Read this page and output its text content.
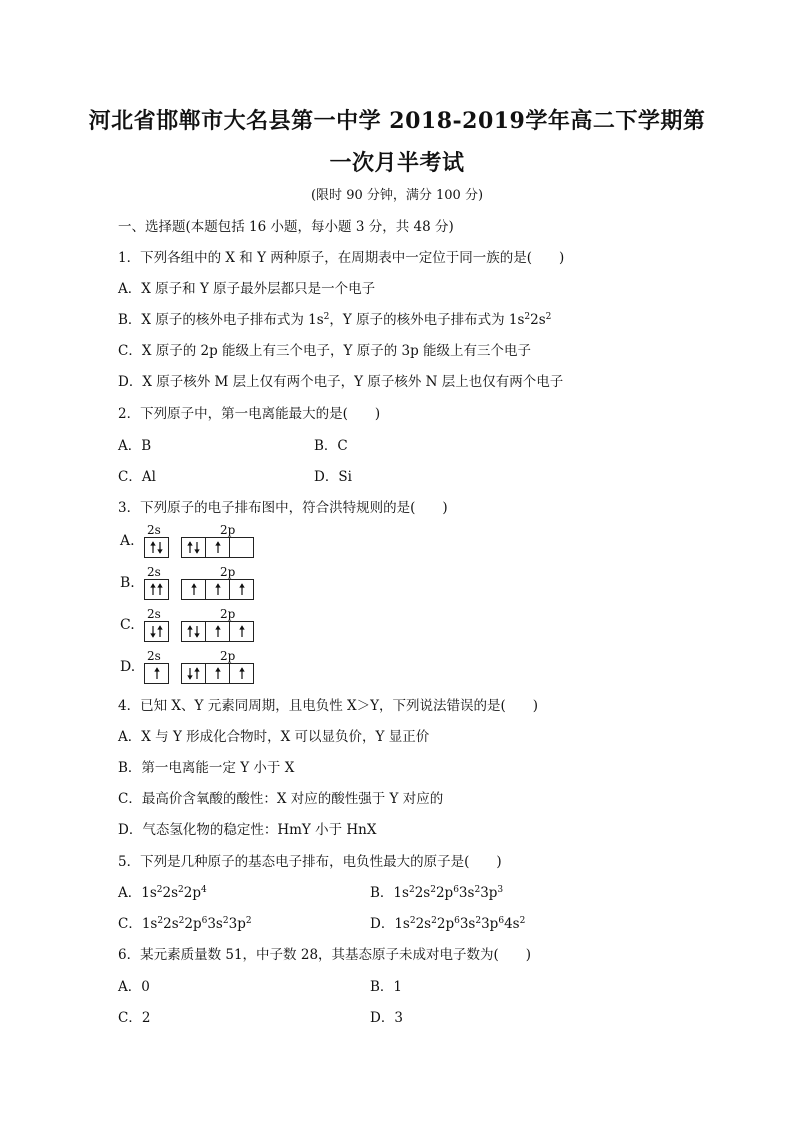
河北省邯郸市大名县第一中学 2018-2019学年高二下学期第
一次月半考试
(限时 90 分钟，满分 100 分)
一、选择题(本题包括 16 小题，每小题 3 分，共 48 分)
1．下列各组中的 X 和 Y 两种原子，在周期表中一定位于同一族的是(　　)
A．X 原子和 Y 原子最外层都只是一个电子
B．X 原子的核外电子排布式为 $1s^2$，Y 原子的核外电子排布式为 $1s^22s^2$
C．X 原子的 2p 能级上有三个电子，Y 原子的 3p 能级上有三个电子
D．X 原子核外 M 层上仅有两个电子，Y 原子核外 N 层上也仅有两个电子
2．下列原子中，第一电离能最大的是(　　)
A．B	B．C
C．Al	D．Si
3．下列原子的电子排布图中，符合洪特规则的是(　　)
A.
2s	2p
B.
2s	2p
C.
2s	2p
D.
2s	2p
4．已知 X、Y 元素同周期，且电负性 X＞Y，下列说法错误的是(　　)
A．X 与 Y 形成化合物时，X 可以显负价，Y 显正价
B．第一电离能一定 Y 小于 X
C．最高价含氧酸的酸性：X 对应的酸性强于 Y 对应的
D．气态氢化物的稳定性：HmY 小于 HnX
5．下列是几种原子的基态电子排布，电负性最大的原子是(　　)
A．$1s^22s^22p^4$	B．$1s^22s^22p^63s^23p^3$
C．$1s^22s^22p^63s^23p^2$	D．$1s^22s^22p^63s^23p^64s^2$
6．某元素质量数 51，中子数 28，其基态原子未成对电子数为(　　)
A．0	B．1
C．2	D．3
